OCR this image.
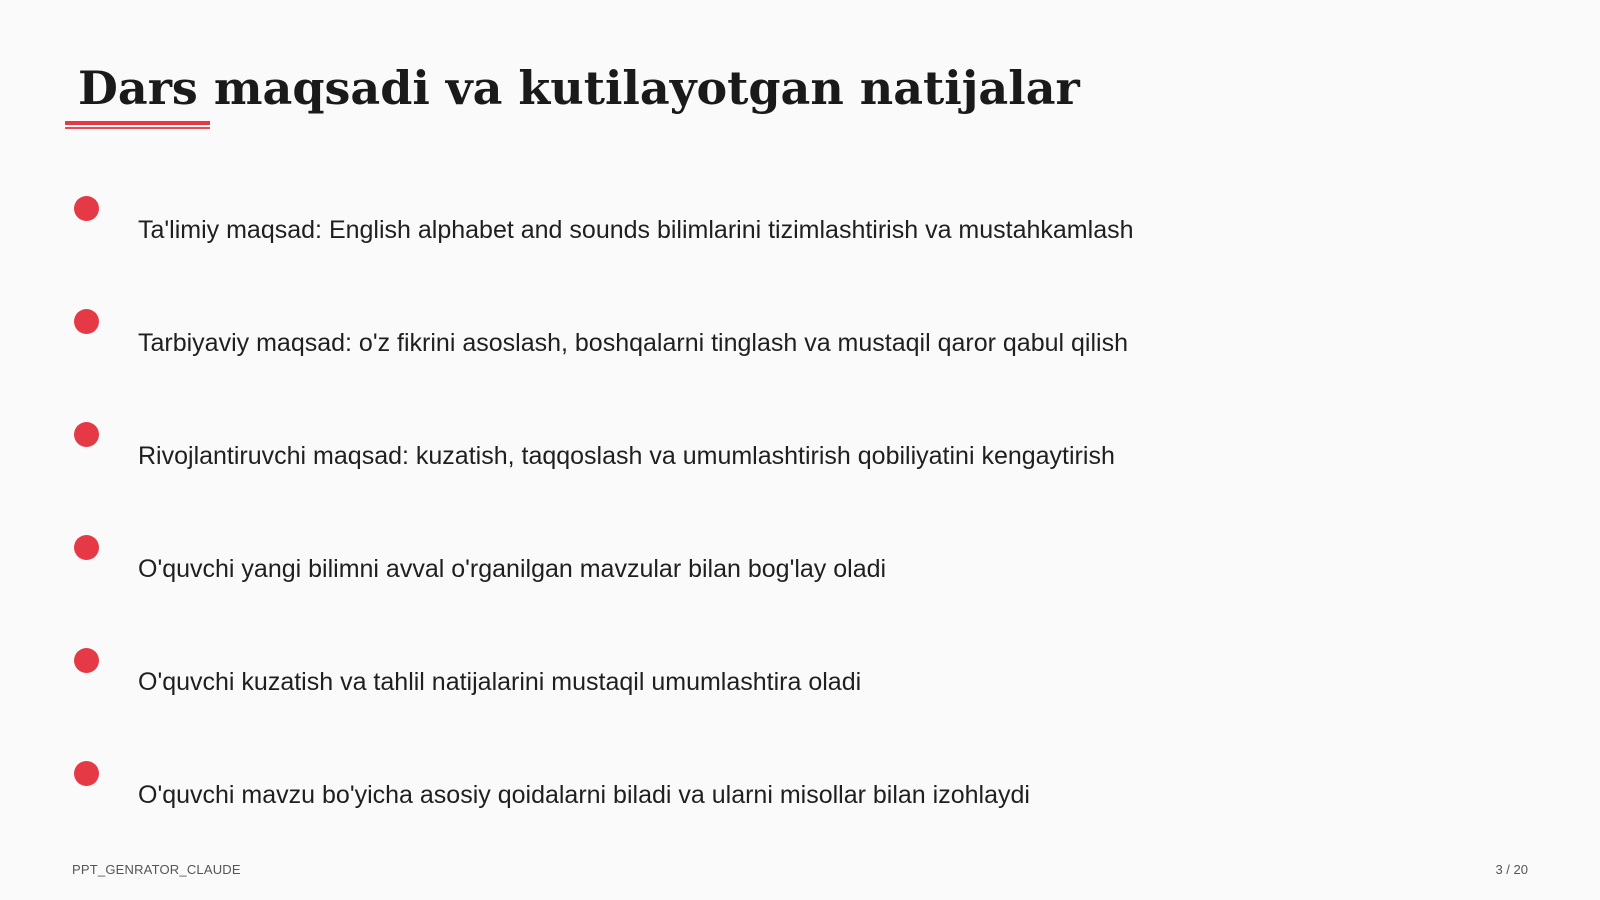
Dars maqsadi va kutilayotgan natijalar
Ta'limiy maqsad: English alphabet and sounds bilimlarini tizimlashtirish va mustahkamlash
Tarbiyaviy maqsad: o'z fikrini asoslash, boshqalarni tinglash va mustaqil qaror qabul qilish
Rivojlantiruvchi maqsad: kuzatish, taqqoslash va umumlashtirish qobiliyatini kengaytirish
O'quvchi yangi bilimni avval o'rganilgan mavzular bilan bog'lay oladi
O'quvchi kuzatish va tahlil natijalarini mustaqil umumlashtira oladi
O'quvchi mavzu bo'yicha asosiy qoidalarni biladi va ularni misollar bilan izohlaydi
PPT_GENRATOR_CLAUDE	3 / 20
